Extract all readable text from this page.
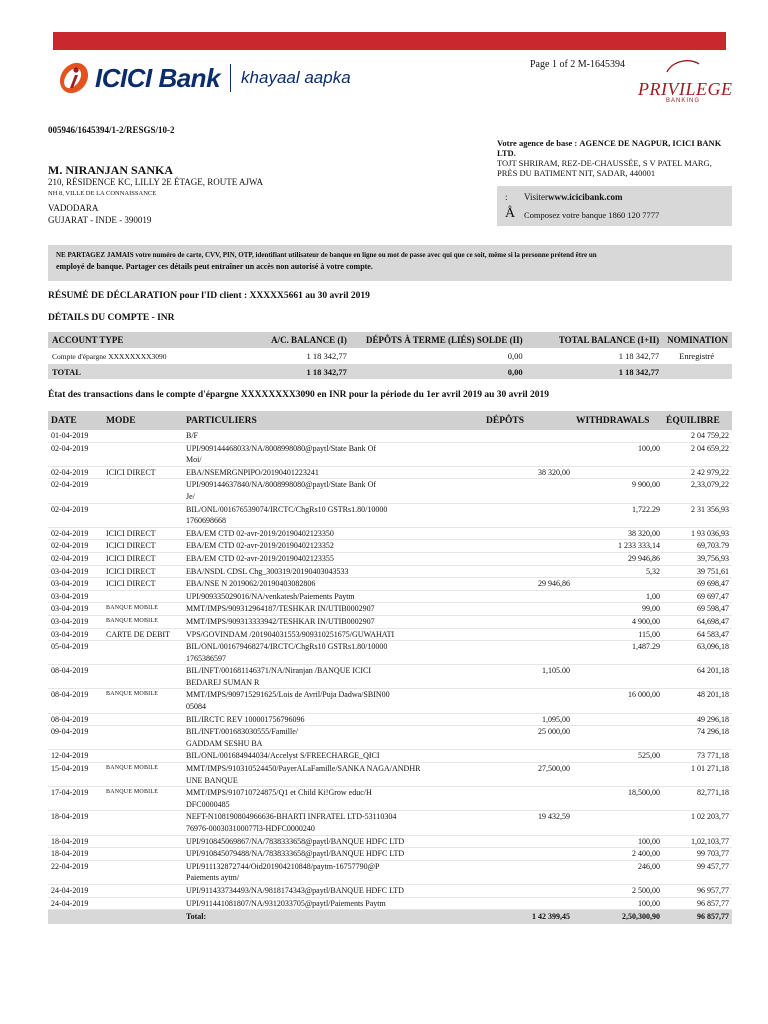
ICICI Bank khayaal aapka
Page 1 of 2 M-1645394
PRIVILEGE
BANKING
005946/1645394/1-2/RESGS/10-2
Votre agence de base : AGENCE DE NAGPUR, ICICI BANK LTD.
TOJT SHRIRAM, REZ-DE-CHAUSSÉE, S V PATEL MARG,
PRÈS DU BATIMENT NIT, SADAR, 440001
M. NIRANJAN SANKA
210, RÉSIDENCE KC, LILLY 2E ÉTAGE, ROUTE AJWA
NH 8, VILLE DE LA CONNAISSANCE
VADODARA
GUJARAT - INDE - 390019
: Visiterwww.icicibank.com
Å Composez votre banque 1860 120 7777
NE PARTAGEZ JAMAIS votre numéro de carte, CVV, PIN, OTP, identifiant utilisateur de banque en ligne ou mot de passe avec qui que ce soit, même si la personne prétend être un
employé de banque. Partager ces détails peut entraîner un accès non autorisé à votre compte.
RÉSUMÉ DE DÉCLARATION pour l'ID client : XXXXX5661 au 30 avril 2019
DÉTAILS DU COMPTE - INR
ACCOUNT TYPE	A/C. BALANCE (I)	DÉPÔTS À TERME (LIÉS) SOLDE (II)	TOTAL BALANCE (I+II)	NOMINATION
Compte d'épargne XXXXXXXX3090	1 18 342,77	0,00	1 18 342,77	Enregistré
TOTAL	1 18 342,77	0,00	1 18 342,77	
État des transactions dans le compte d'épargne XXXXXXXX3090 en INR pour la période du 1er avril 2019 au 30 avril 2019
DATE	MODE	PARTICULIERS	DÉPÔTS	WITHDRAWALS	ÉQUILIBRE
01-04-2019		B/F			2 04 759,22
02-04-2019		UPI/909144468033/NA/8008998080@paytl/State Bank Of		100,00	2 04 659,22
		Moi/			
02-04-2019	ICICI DIRECT	EBA/NSEMRGNPIPO/20190401223241	38 320,00		2 42 979,22
02-04-2019		UPI/909144637840/NA/8008998080@paytl/State Bank Of		9 900,00	2,33,079,22
		Je/			
02-04-2019		BIL/ONL/001676539074/IRCTC/ChgRs10 GSTRs1.80/10000		1,722.29	2 31 356,93
		1760698668			
02-04-2019	ICICI DIRECT	EBA/EM CTD 02-avr-2019/20190402123350		38 320,00	1 93 036,93
02-04-2019	ICICI DIRECT	EBA/EM CTD 02-avr-2019/20190402123352		1 233 333,14	69,703.79
02-04-2019	ICICI DIRECT	EBA/EM CTD 02-avr-2019/20190402123355		29 946,86	39,756,93
03-04-2019	ICICI DIRECT	EBA/NSDL CDSL Chg_300319/20190403043533		5,32	39 751,61
03-04-2019	ICICI DIRECT	EBA/NSE N 2019062/20190403082806	29 946,86		69 698,47
03-04-2019		UPI/909335029016/NA/venkatesh/Paiements Paytm		1,00	69 697,47
03-04-2019	BANQUE MOBILE	MMT/IMPS/909312964187/TESHKAR IN/UTIB0002907		99,00	69 598,47
03-04-2019	BANQUE MOBILE	MMT/IMPS/909313333942/TESHKAR IN/UTIB0002907		4 900,00	64,698,47
03-04-2019	CARTE DE DEBIT	VPS/GOVINDAM /201904031553/909310251675/GUWAHATI		115,00	64 583,47
05-04-2019		BIL/ONL/001679468274/IRCTC/ChgRs10 GSTRs1.80/10000		1,487.29	63,096,18
		1765386597			
08-04-2019		BIL/INFT/001681146371/NA/Niranjan /BANQUE ICICI	1,105.00		64 201,18
		BEDAREJ SUMAN R			
08-04-2019	BANQUE MOBILE	MMT/IMPS/909715291625/Lois de Avril/Puja Dadwa/SBIN00		16 000,00	48 201,18
		05084			
08-04-2019		BIL/IRCTC REV 100001756796096	1,095,00		49 296,18
09-04-2019		BIL/INFT/001683030555/Famille/	25 000,00		74 296,18
		GADDAM SESHU BA			
12-04-2019		BIL/ONL/001684944034/Accelyst S/FREECHARGE_QICI		525,00	73 771,18
15-04-2019	BANQUE MOBILE	MMT/IMPS/910310524450/PayerALaFamille/SANKA NAGA/ANDHR	27,500,00		1 01 271,18
		UNE BANQUE			
17-04-2019	BANQUE MOBILE	MMT/IMPS/910710724875/Q1 et Child Ki!Grow educ/H		18,500,00	82,771,18
		DFC0000485			
18-04-2019		NEFT-N108190804966636-BHARTI INFRATEL LTD-53110304	19 432,59		1 02 203,77
		76976-000303100077l3-HDFC0000240			
18-04-2019		UPI/910845069867/NA/7838333658@paytl/BANQUE HDFC LTD		100,00	1,02,103,77
18-04-2019		UPI/910845079488/NA/7838333658@paytl/BANQUE HDFC LTD		2 400,00	99 703,77
22-04-2019		UPI/911132872744/Oid201904210848/paytm-16757790@P		246,00	99 457,77
		Paiements aytm/			
24-04-2019		UPI/911433734493/NA/9818174343@paytl/BANQUE HDFC LTD		2 500,00	96 957,77
24-04-2019		UPI/911441081807/NA/9312033705@paytl/Paiements Paytm		100,00	96 857,77
		Total:	1 42 399,45	2,50,300,90	96 857,77
